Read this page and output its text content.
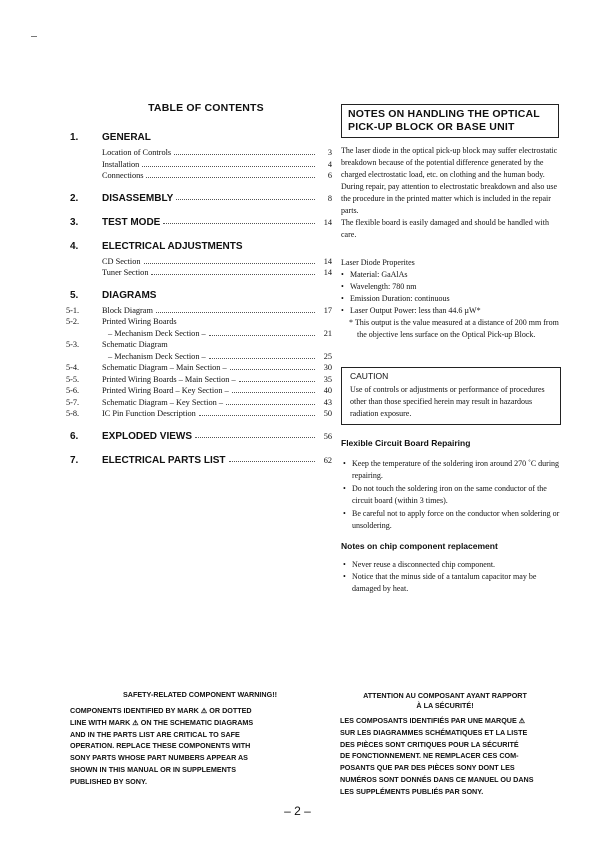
TABLE OF CONTENTS
1.	GENERAL
Location of Controls	3
Installation	4
Connections	6
2.	DISASSEMBLY	8
3.	TEST MODE	14
4.	ELECTRICAL ADJUSTMENTS
CD Section	14
Tuner Section	14
5.	DIAGRAMS
5-1.	Block Diagram	17
5-2.	Printed Wiring Boards
– Mechanism Deck Section –	21
5-3.	Schematic Diagram
– Mechanism Deck Section –	25
5-4.	Schematic Diagram – Main Section –	30
5-5.	Printed Wiring Boards – Main Section –	35
5-6.	Printed Wiring Board – Key Section –	40
5-7.	Schematic Diagram – Key Section –	43
5-8.	IC Pin Function Description	50
6.	EXPLODED VIEWS	56
7.	ELECTRICAL PARTS LIST	62
NOTES ON HANDLING THE OPTICAL
PICK-UP BLOCK OR BASE UNIT
The laser diode in the optical pick-up block may suffer electrostatic breakdown because of the potential difference generated by the charged electrostatic load, etc. on clothing and the human body.
During repair, pay attention to electrostatic breakdown and also use the procedure in the printed matter which is included in the repair parts.
The flexible board is easily damaged and should be handled with care.
Laser Diode Properites
• Material: GaAlAs
• Wavelength: 780 nm
• Emission Duration: continuous
• Laser Output Power: less than 44.6 µW*
* This output is the value measured at a distance of 200 mm from the objective lens surface on the Optical Pick-up Block.
CAUTION
Use of controls or adjustments or performance of procedures other than those specified herein may result in hazardous radiation exposure.
Flexible Circuit Board Repairing
• Keep the temperature of the soldering iron around 270 ˚C during repairing.
• Do not touch the soldering iron on the same conductor of the circuit board (within 3 times).
• Be careful not to apply force on the conductor when soldering or unsoldering.
Notes on chip component replacement
• Never reuse a disconnected chip component.
• Notice that the minus side of a tantalum capacitor may be damaged by heat.
SAFETY-RELATED COMPONENT WARNING!!
COMPONENTS IDENTIFIED BY MARK ⚠ OR DOTTED
LINE WITH MARK ⚠ ON THE SCHEMATIC DIAGRAMS
AND IN THE PARTS LIST ARE CRITICAL TO SAFE
OPERATION. REPLACE THESE COMPONENTS WITH
SONY PARTS WHOSE PART NUMBERS APPEAR AS
SHOWN IN THIS MANUAL OR IN SUPPLEMENTS
PUBLISHED BY SONY.
ATTENTION AU COMPOSANT AYANT RAPPORT
À LA SÉCURITÉ!
LES COMPOSANTS IDENTIFIÉS PAR UNE MARQUE ⚠
SUR LES DIAGRAMMES SCHÉMATIQUES ET LA LISTE
DES PIÈCES SONT CRITIQUES POUR LA SÉCURITÉ
DE FONCTIONNEMENT. NE REMPLACER CES COM-
POSANTS QUE PAR DES PIÈCES SONY DONT LES
NUMÉROS SONT DONNÉS DANS CE MANUEL OU DANS
LES SUPPLÉMENTS PUBLIÉS PAR SONY.
– 2 –
